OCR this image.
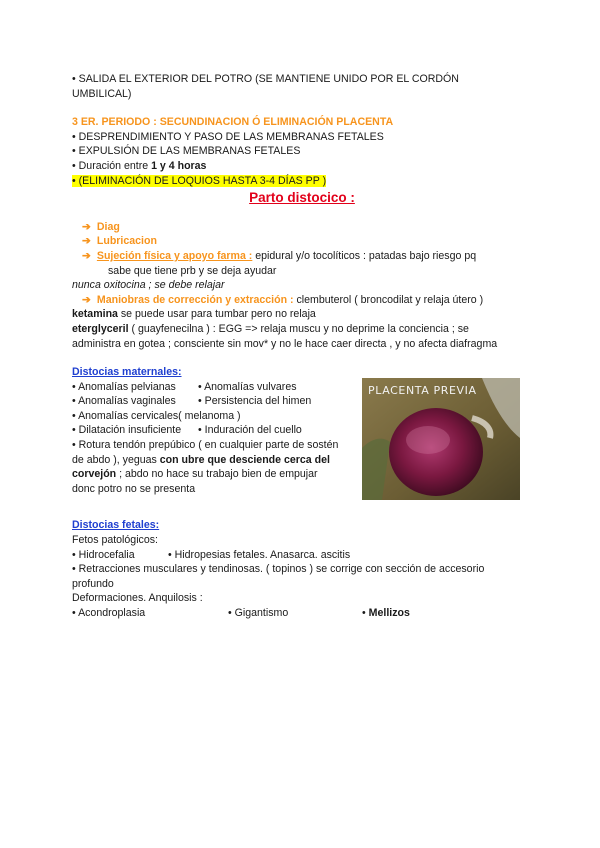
• SALIDA EL EXTERIOR DEL POTRO (SE MANTIENE UNIDO POR EL CORDÓN
UMBILICAL)
3 ER. PERIODO : SECUNDINACION Ó ELIMINACIÓN PLACENTA
• DESPRENDIMIENTO Y PASO DE LAS MEMBRANAS FETALES
• EXPULSIÓN DE LAS MEMBRANAS FETALES
• Duración entre 1 y 4 horas
• (ELIMINACIÓN DE LOQUIOS HASTA 3-4 DÍAS PP )
Parto distocico :
➔ Diag
➔ Lubricacion
➔ Sujeción física y apoyo farma : epidural y/o tocolíticos : patadas bajo riesgo pq
sabe que tiene prb y se deja ayudar
nunca oxitocina ; se debe relajar
➔ Maniobras de corrección y extracción : clembuterol ( broncodilat y relaja útero )
ketamina se puede usar para tumbar pero no relaja
eterglyceril ( guayfenecilna ) : EGG => relaja muscu y no deprime la conciencia ; se
administra en gotea ; consciente sin mov* y no le hace caer directa , y no afecta diafragma
Distocias maternales:
• Anomalías pelvianas • Anomalías vulvares
• Anomalías vaginales • Persistencia del himen
• Anomalías cervicales( melanoma )
• Dilatación insuficiente • Induración del cuello
• Rotura tendón prepúbico ( en cualquier parte de sostén
de abdo ), yeguas con ubre que desciende cerca del
corvejón ; abdo no hace su trabajo bien de empujar
donc potro no se presenta
Distocias fetales:
Fetos patológicos:
• Hidrocefalia	• Hidropesias fetales. Anasarca. ascitis
• Retracciones musculares y tendinosas. ( topinos ) se corrige con sección de accesorio
profundo
Deformaciones. Anquilosis :
• Acondroplasia	• Gigantismo	• Mellizos
PLACENTA PREVIA
